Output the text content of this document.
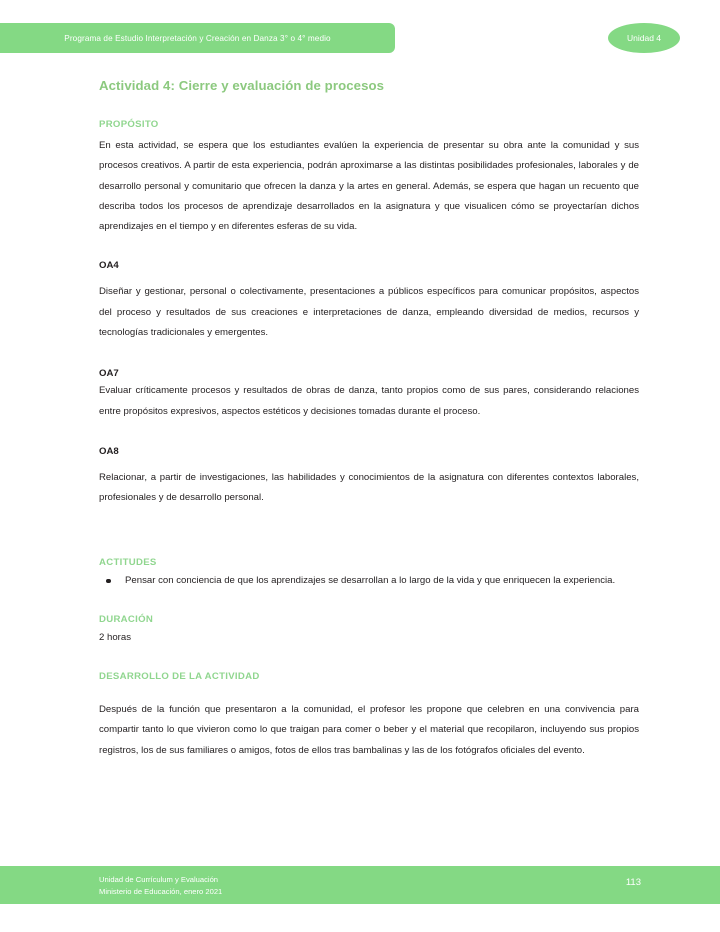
Programa de Estudio Interpretación y Creación en Danza 3° o 4° medio	Unidad 4
Actividad 4: Cierre y evaluación de procesos
PROPÓSITO

En esta actividad, se espera que los estudiantes evalúen la experiencia de presentar su obra ante la comunidad y sus procesos creativos. A partir de esta experiencia, podrán aproximarse a las distintas posibilidades profesionales, laborales y de desarrollo personal y comunitario que ofrecen la danza y la artes en general. Además, se espera que hagan un recuento que describa todos los procesos de aprendizaje desarrollados en la asignatura y que visualicen cómo se proyectarían dichos aprendizajes en el tiempo y en diferentes esferas de su vida.

OA4

Diseñar y gestionar, personal o colectivamente, presentaciones a públicos específicos para comunicar propósitos, aspectos del proceso y resultados de sus creaciones e interpretaciones de danza, empleando diversidad de medios, recursos y tecnologías tradicionales y emergentes.

OA7

Evaluar críticamente procesos y resultados de obras de danza, tanto propios como de sus pares, considerando relaciones entre propósitos expresivos, aspectos estéticos y decisiones tomadas durante el proceso.

OA8

Relacionar, a partir de investigaciones, las habilidades y conocimientos de la asignatura con diferentes contextos laborales, profesionales y de desarrollo personal.

ACTITUDES
Pensar con conciencia de que los aprendizajes se desarrollan a lo largo de la vida y que enriquecen la experiencia.
DURACIÓN

2 horas

DESARROLLO DE LA ACTIVIDAD

Después de la función que presentaron a la comunidad, el profesor les propone que celebren en una convivencia para compartir tanto lo que vivieron como lo que traigan para comer o beber y el material que recopilaron, incluyendo sus propios registros, los de sus familiares o amigos, fotos de ellos tras bambalinas y las de los fotógrafos oficiales del evento.

Unidad de Currículum y Evaluación
Ministerio de Educación, enero 2021
113
